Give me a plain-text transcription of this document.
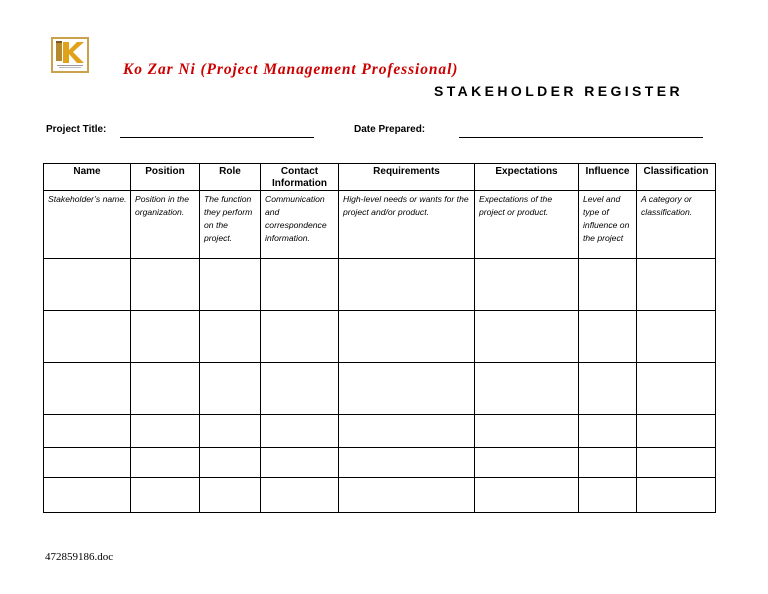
Ko Zar Ni (Project Management Professional)
STAKEHOLDER REGISTER
Project Title:	Date Prepared:
Name	Position	Role	Contact Information	Requirements	Expectations	Influence	Classification
Stakeholder’s name.	Position in the organization.	The function they perform on the project.	Communication and correspondence information.	High-level needs or wants for the project and/or product.	Expectations of the project or product.	Level and type of influence on the project	A category or classification.

472859186.doc
